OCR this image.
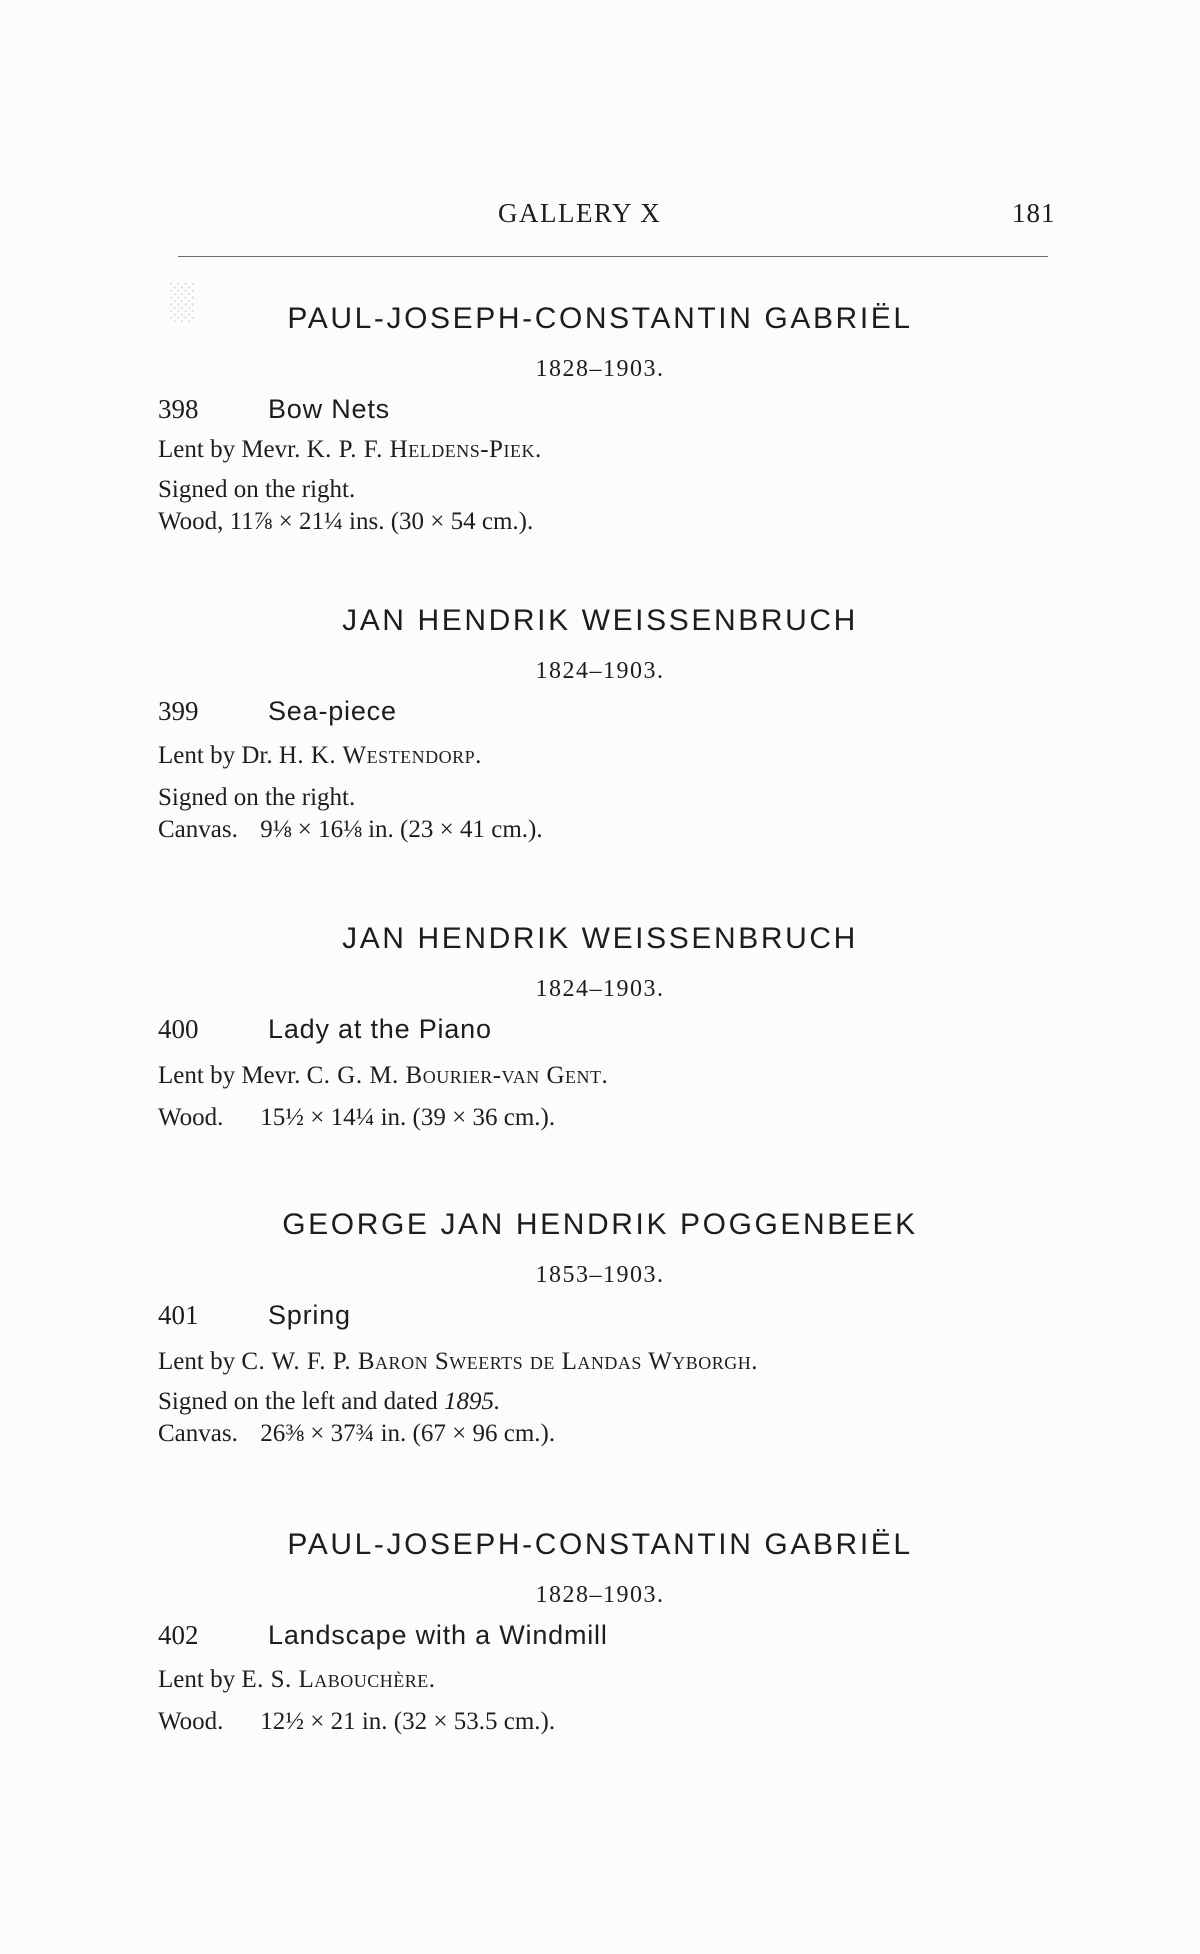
░
GALLERY X	181
PAUL-JOSEPH-CONSTANTIN GABRIËL
1828–1903.
398	Bow Nets
Lent by Mevr. K. P. F. Heldens-Piek.
Signed on the right.
Wood, 11⅞ × 21¼ ins. (30 × 54 cm.).
JAN HENDRIK WEISSENBRUCH
1824–1903.
399	Sea-piece
Lent by Dr. H. K. Westendorp.
Signed on the right.
Canvas. 9⅛ × 16⅛ in. (23 × 41 cm.).
JAN HENDRIK WEISSENBRUCH
1824–1903.
400	Lady at the Piano
Lent by Mevr. C. G. M. Bourier-van Gent.
Wood. 15½ × 14¼ in. (39 × 36 cm.).
GEORGE JAN HENDRIK POGGENBEEK
1853–1903.
401	Spring
Lent by C. W. F. P. Baron Sweerts de Landas Wyborgh.
Signed on the left and dated 1895.
Canvas. 26⅜ × 37¾ in. (67 × 96 cm.).
PAUL-JOSEPH-CONSTANTIN GABRIËL
1828–1903.
402	Landscape with a Windmill
Lent by E. S. Labouchère.
Wood. 12½ × 21 in. (32 × 53.5 cm.).
